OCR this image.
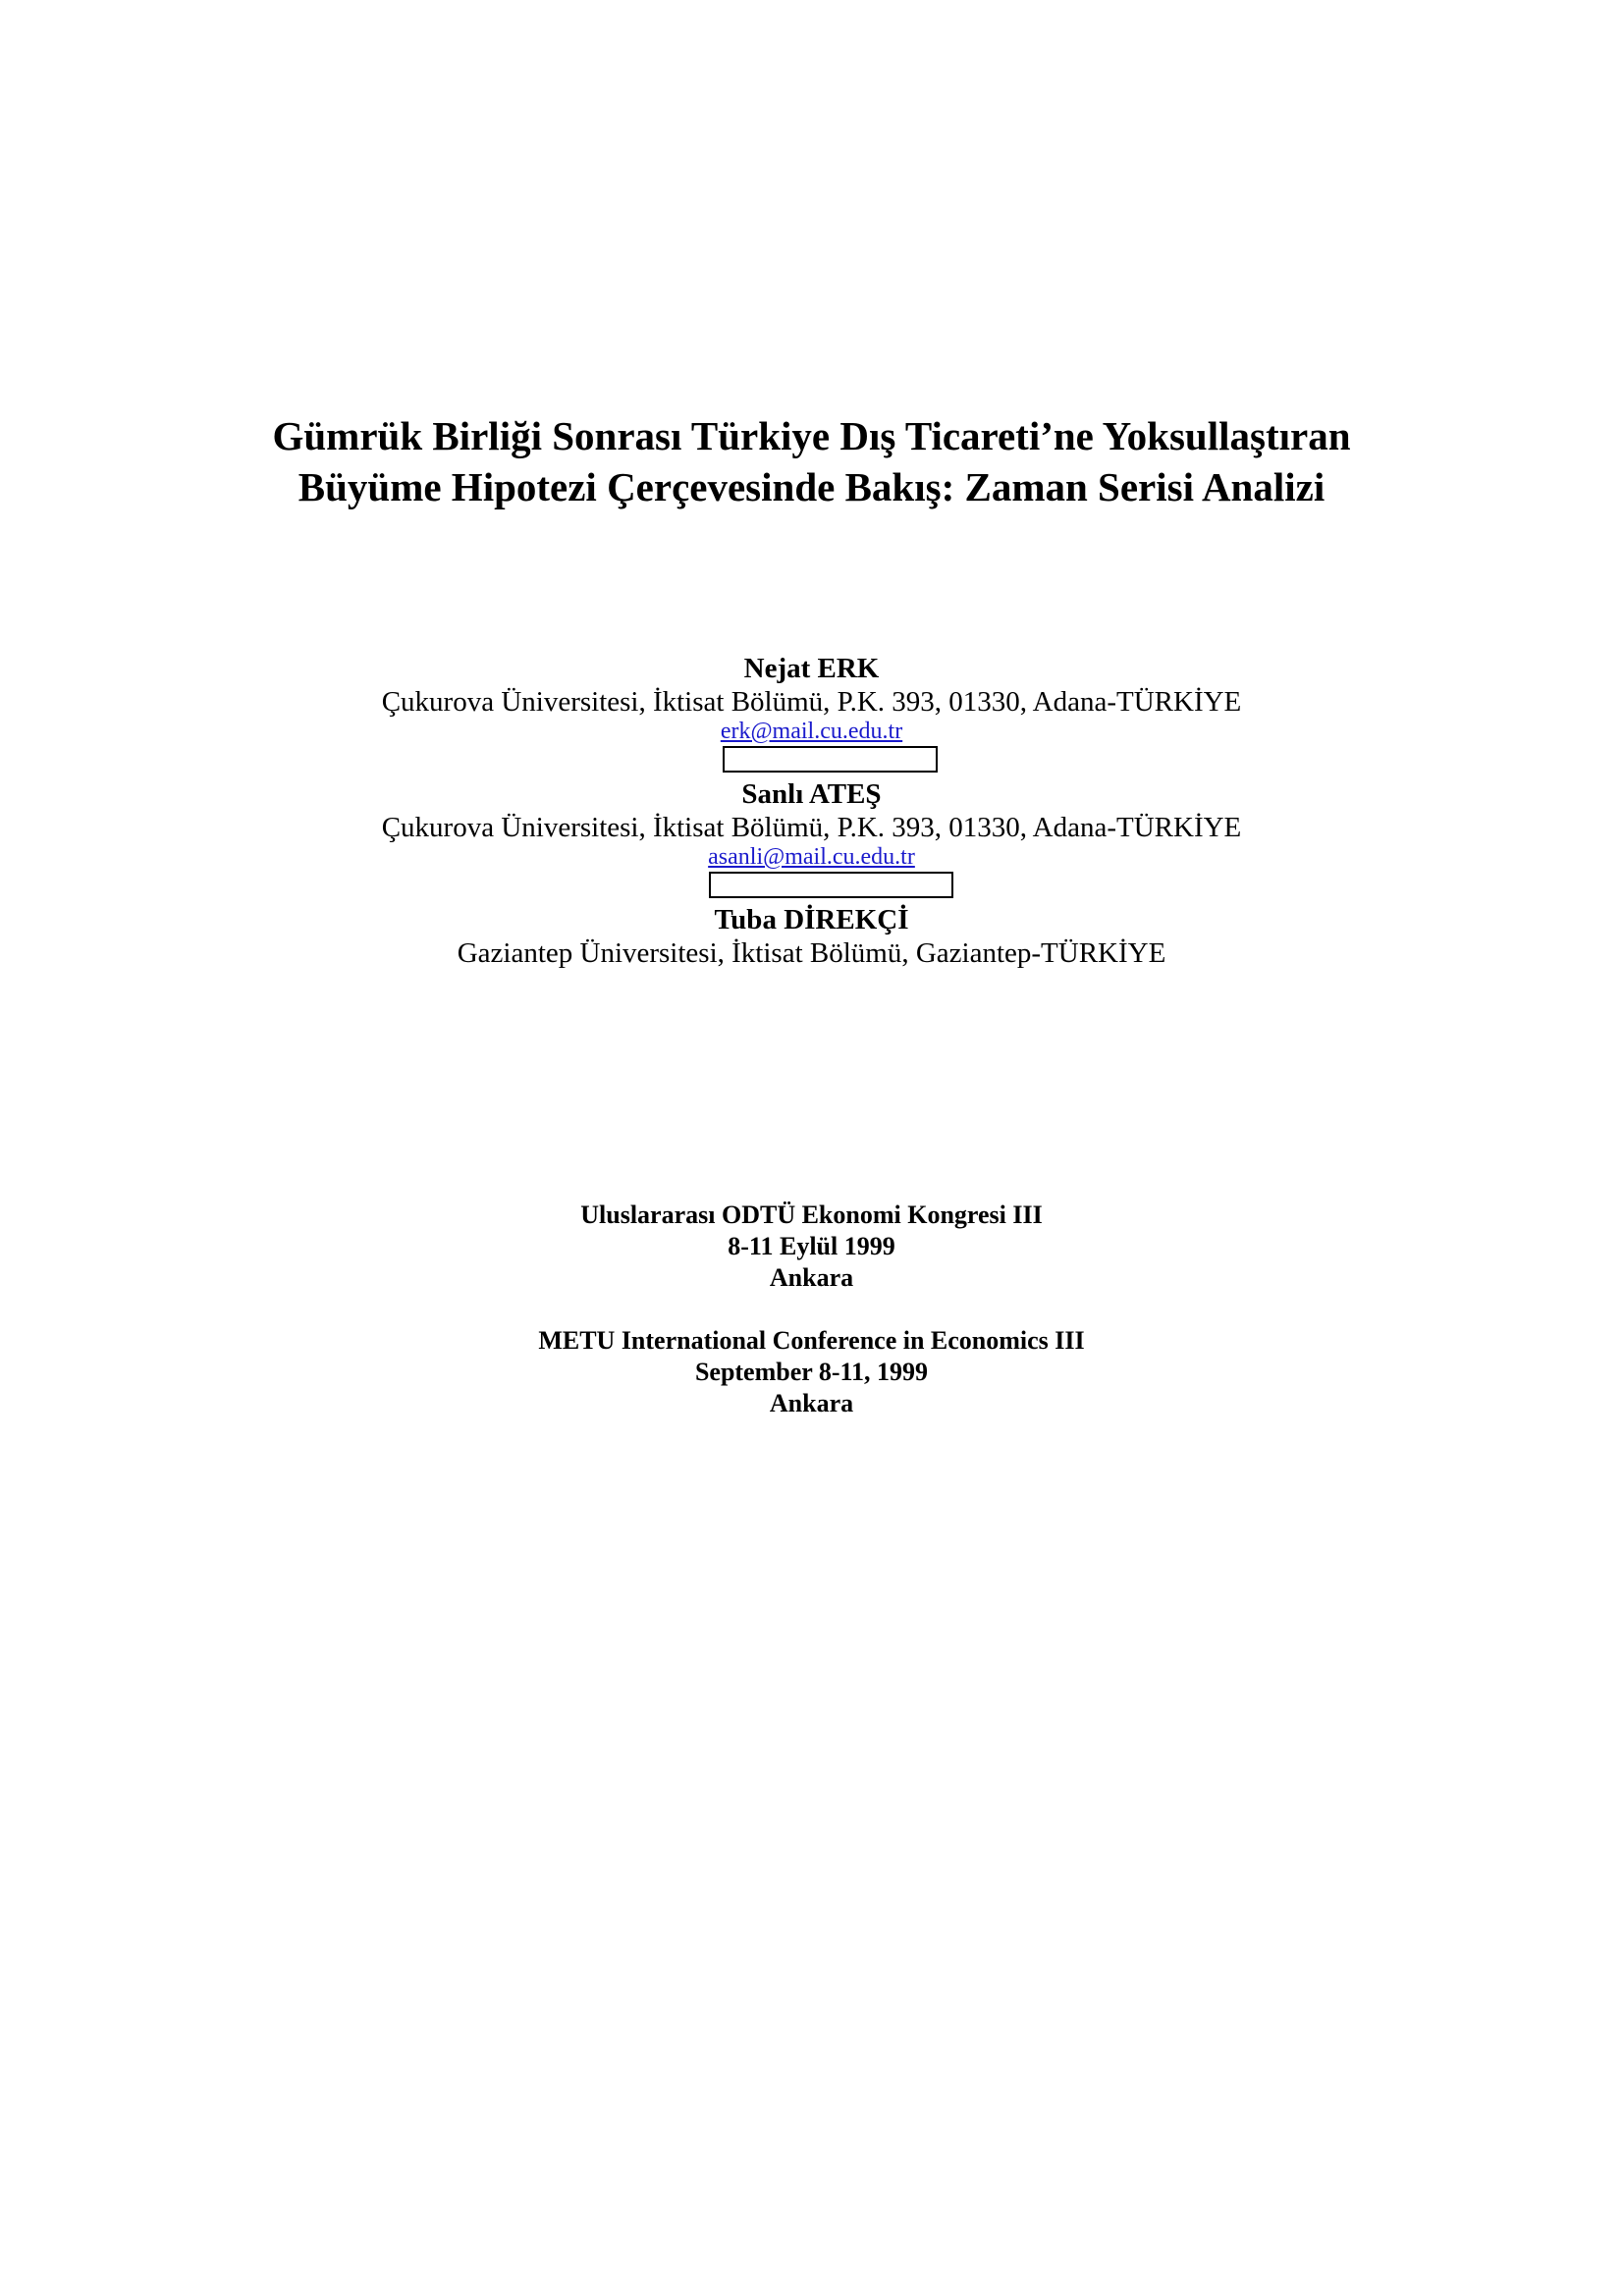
Gümrük Birliği Sonrası Türkiye Dış Ticareti’ne Yoksullaştıran
Büyüme Hipotezi Çerçevesinde Bakış: Zaman Serisi Analizi
Nejat ERK
Çukurova Üniversitesi, İktisat Bölümü, P.K. 393, 01330, Adana-TÜRKİYE
erk@mail.cu.edu.tr
Sanlı ATEŞ
Çukurova Üniversitesi, İktisat Bölümü, P.K. 393, 01330, Adana-TÜRKİYE
asanli@mail.cu.edu.tr
Tuba DİREKÇİ
Gaziantep Üniversitesi, İktisat Bölümü, Gaziantep-TÜRKİYE
Uluslararası ODTÜ Ekonomi Kongresi III
8-11 Eylül 1999
Ankara
METU International Conference in Economics III
September 8-11, 1999
Ankara
